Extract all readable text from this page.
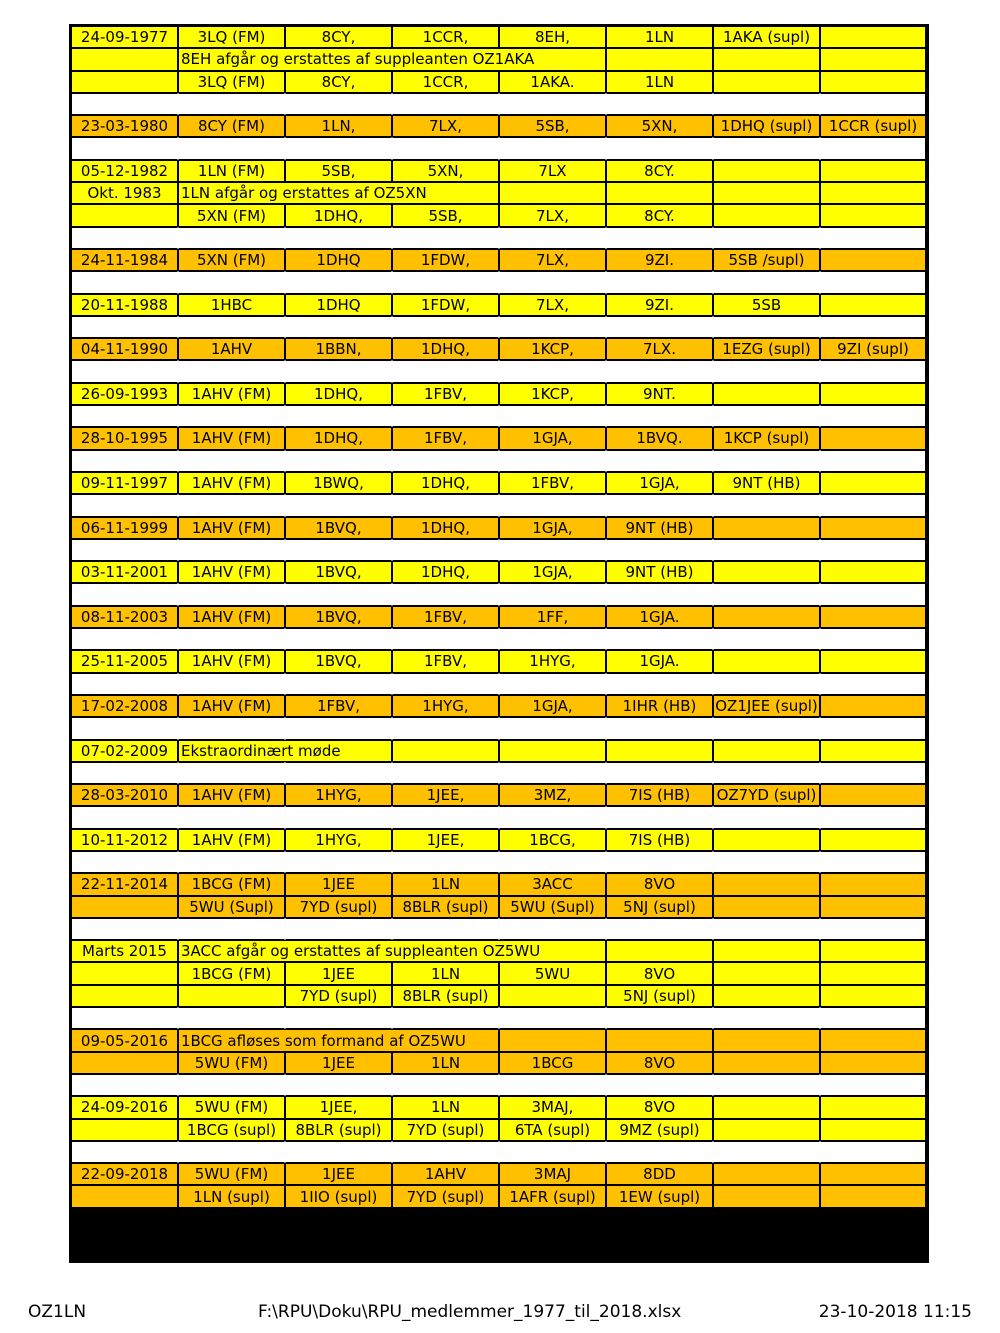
24-09-1977	3LQ (FM)	8CY,	1CCR,	8EH,	1LN	1AKA (supl)	
	8EH afgår og erstattes af suppleanten OZ1AKA						
	3LQ (FM)	8CY,	1CCR,	1AKA.	1LN		

23-03-1980	8CY (FM)	1LN,	7LX,	5SB,	5XN,	1DHQ (supl)	1CCR (supl)

05-12-1982	1LN (FM)	5SB,	5XN,	7LX	8CY.		
Okt. 1983	1LN afgår og erstattes af OZ5XN						
	5XN (FM)	1DHQ,	5SB,	7LX,	8CY.		

24-11-1984	5XN (FM)	1DHQ	1FDW,	7LX,	9ZI.	5SB /supl)	

20-11-1988	1HBC	1DHQ	1FDW,	7LX,	9ZI.	5SB	

04-11-1990	1AHV	1BBN,	1DHQ,	1KCP,	7LX.	1EZG (supl)	9ZI (supl)

26-09-1993	1AHV (FM)	1DHQ,	1FBV,	1KCP,	9NT.		

28-10-1995	1AHV (FM)	1DHQ,	1FBV,	1GJA,	1BVQ.	1KCP (supl)	

09-11-1997	1AHV (FM)	1BWQ,	1DHQ,	1FBV,	1GJA,	9NT (HB)	

06-11-1999	1AHV (FM)	1BVQ,	1DHQ,	1GJA,	9NT (HB)		

03-11-2001	1AHV (FM)	1BVQ,	1DHQ,	1GJA,	9NT (HB)		

08-11-2003	1AHV (FM)	1BVQ,	1FBV,	1FF,	1GJA.		

25-11-2005	1AHV (FM)	1BVQ,	1FBV,	1HYG,	1GJA.		

17-02-2008	1AHV (FM)	1FBV,	1HYG,	1GJA,	1IHR (HB)	OZ1JEE (supl)	

07-02-2009	Ekstraordinært møde						

28-03-2010	1AHV (FM)	1HYG,	1JEE,	3MZ,	7IS (HB)	OZ7YD (supl)	

10-11-2012	1AHV (FM)	1HYG,	1JEE,	1BCG,	7IS (HB)		

22-11-2014	1BCG (FM)	1JEE	1LN	3ACC	8VO		
	5WU (Supl)	7YD (supl)	8BLR (supl)	5WU (Supl)	5NJ (supl)		

Marts 2015	3ACC afgår og erstattes af suppleanten OZ5WU						
	1BCG (FM)	1JEE	1LN	5WU	8VO		
		7YD (supl)	8BLR (supl)		5NJ (supl)		

09-05-2016	1BCG afløses som formand af OZ5WU						
	5WU (FM)	1JEE	1LN	1BCG	8VO		

24-09-2016	5WU (FM)	1JEE,	1LN	3MAJ,	8VO		
	1BCG (supl)	8BLR (supl)	7YD (supl)	6TA (supl)	9MZ (supl)		

22-09-2018	5WU (FM)	1JEE	1AHV	3MAJ	8DD		
	1LN (supl)	1IIO (supl)	7YD (supl)	1AFR (supl)	1EW (supl)		
OZ1LN	F:\RPU\Doku\RPU_medlemmer_1977_til_2018.xlsx	23-10-2018 11:15
